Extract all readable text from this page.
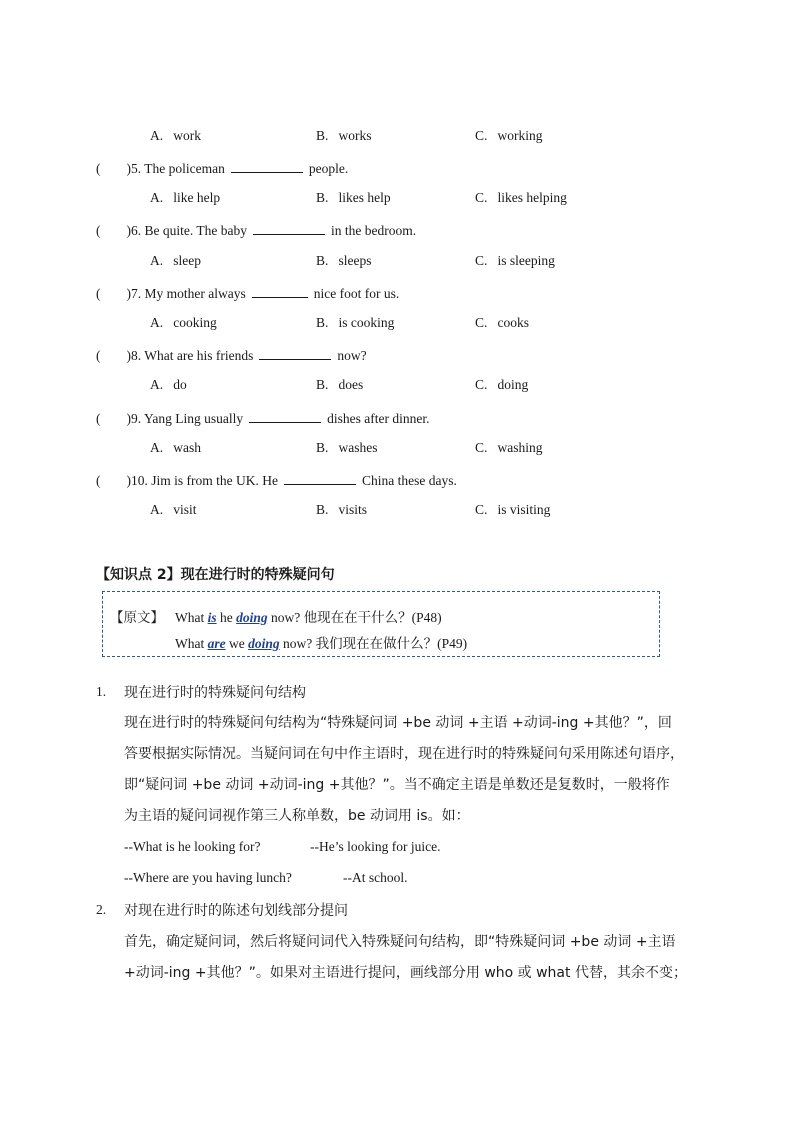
A. work	B. works	C. working
( )5. The policeman	people.
A. like help	B. likes help	C. likes helping
( )6. Be quite. The baby	in the bedroom.
A. sleep	B. sleeps	C. is sleeping
( )7. My mother always	nice foot for us.
A. cooking	B. is cooking	C. cooks
( )8. What are his friends	now?
A. do	B. does	C. doing
( )9. Yang Ling usually	dishes after dinner.
A. wash	B. washes	C. washing
( )10. Jim is from the UK. He	China these days.
A. visit	B. visits	C. is visiting
【知识点 2】现在进行时的特殊疑问句
【原文】 What is he doing now? 他现在在干什么？(P48)
What are we doing now? 我们现在在做什么？(P49)
1. 现在进行时的特殊疑问句结构
现在进行时的特殊疑问句结构为“特殊疑问词 +be 动词 +主语 +动词-ing +其他？”，回
答要根据实际情况。当疑问词在句中作主语时，现在进行时的特殊疑问句采用陈述句语序，
即“疑问词 +be 动词 +动词-ing +其他？”。当不确定主语是单数还是复数时，一般将作
为主语的疑问词视作第三人称单数，be 动词用 is。如：
--What is he looking for?	--He’s looking for juice.
--Where are you having lunch?	--At school.
2. 对现在进行时的陈述句划线部分提问
首先，确定疑问词，然后将疑问词代入特殊疑问句结构，即“特殊疑问词 +be 动词 +主语
+动词-ing +其他？”。如果对主语进行提问，画线部分用 who 或 what 代替，其余不变；
